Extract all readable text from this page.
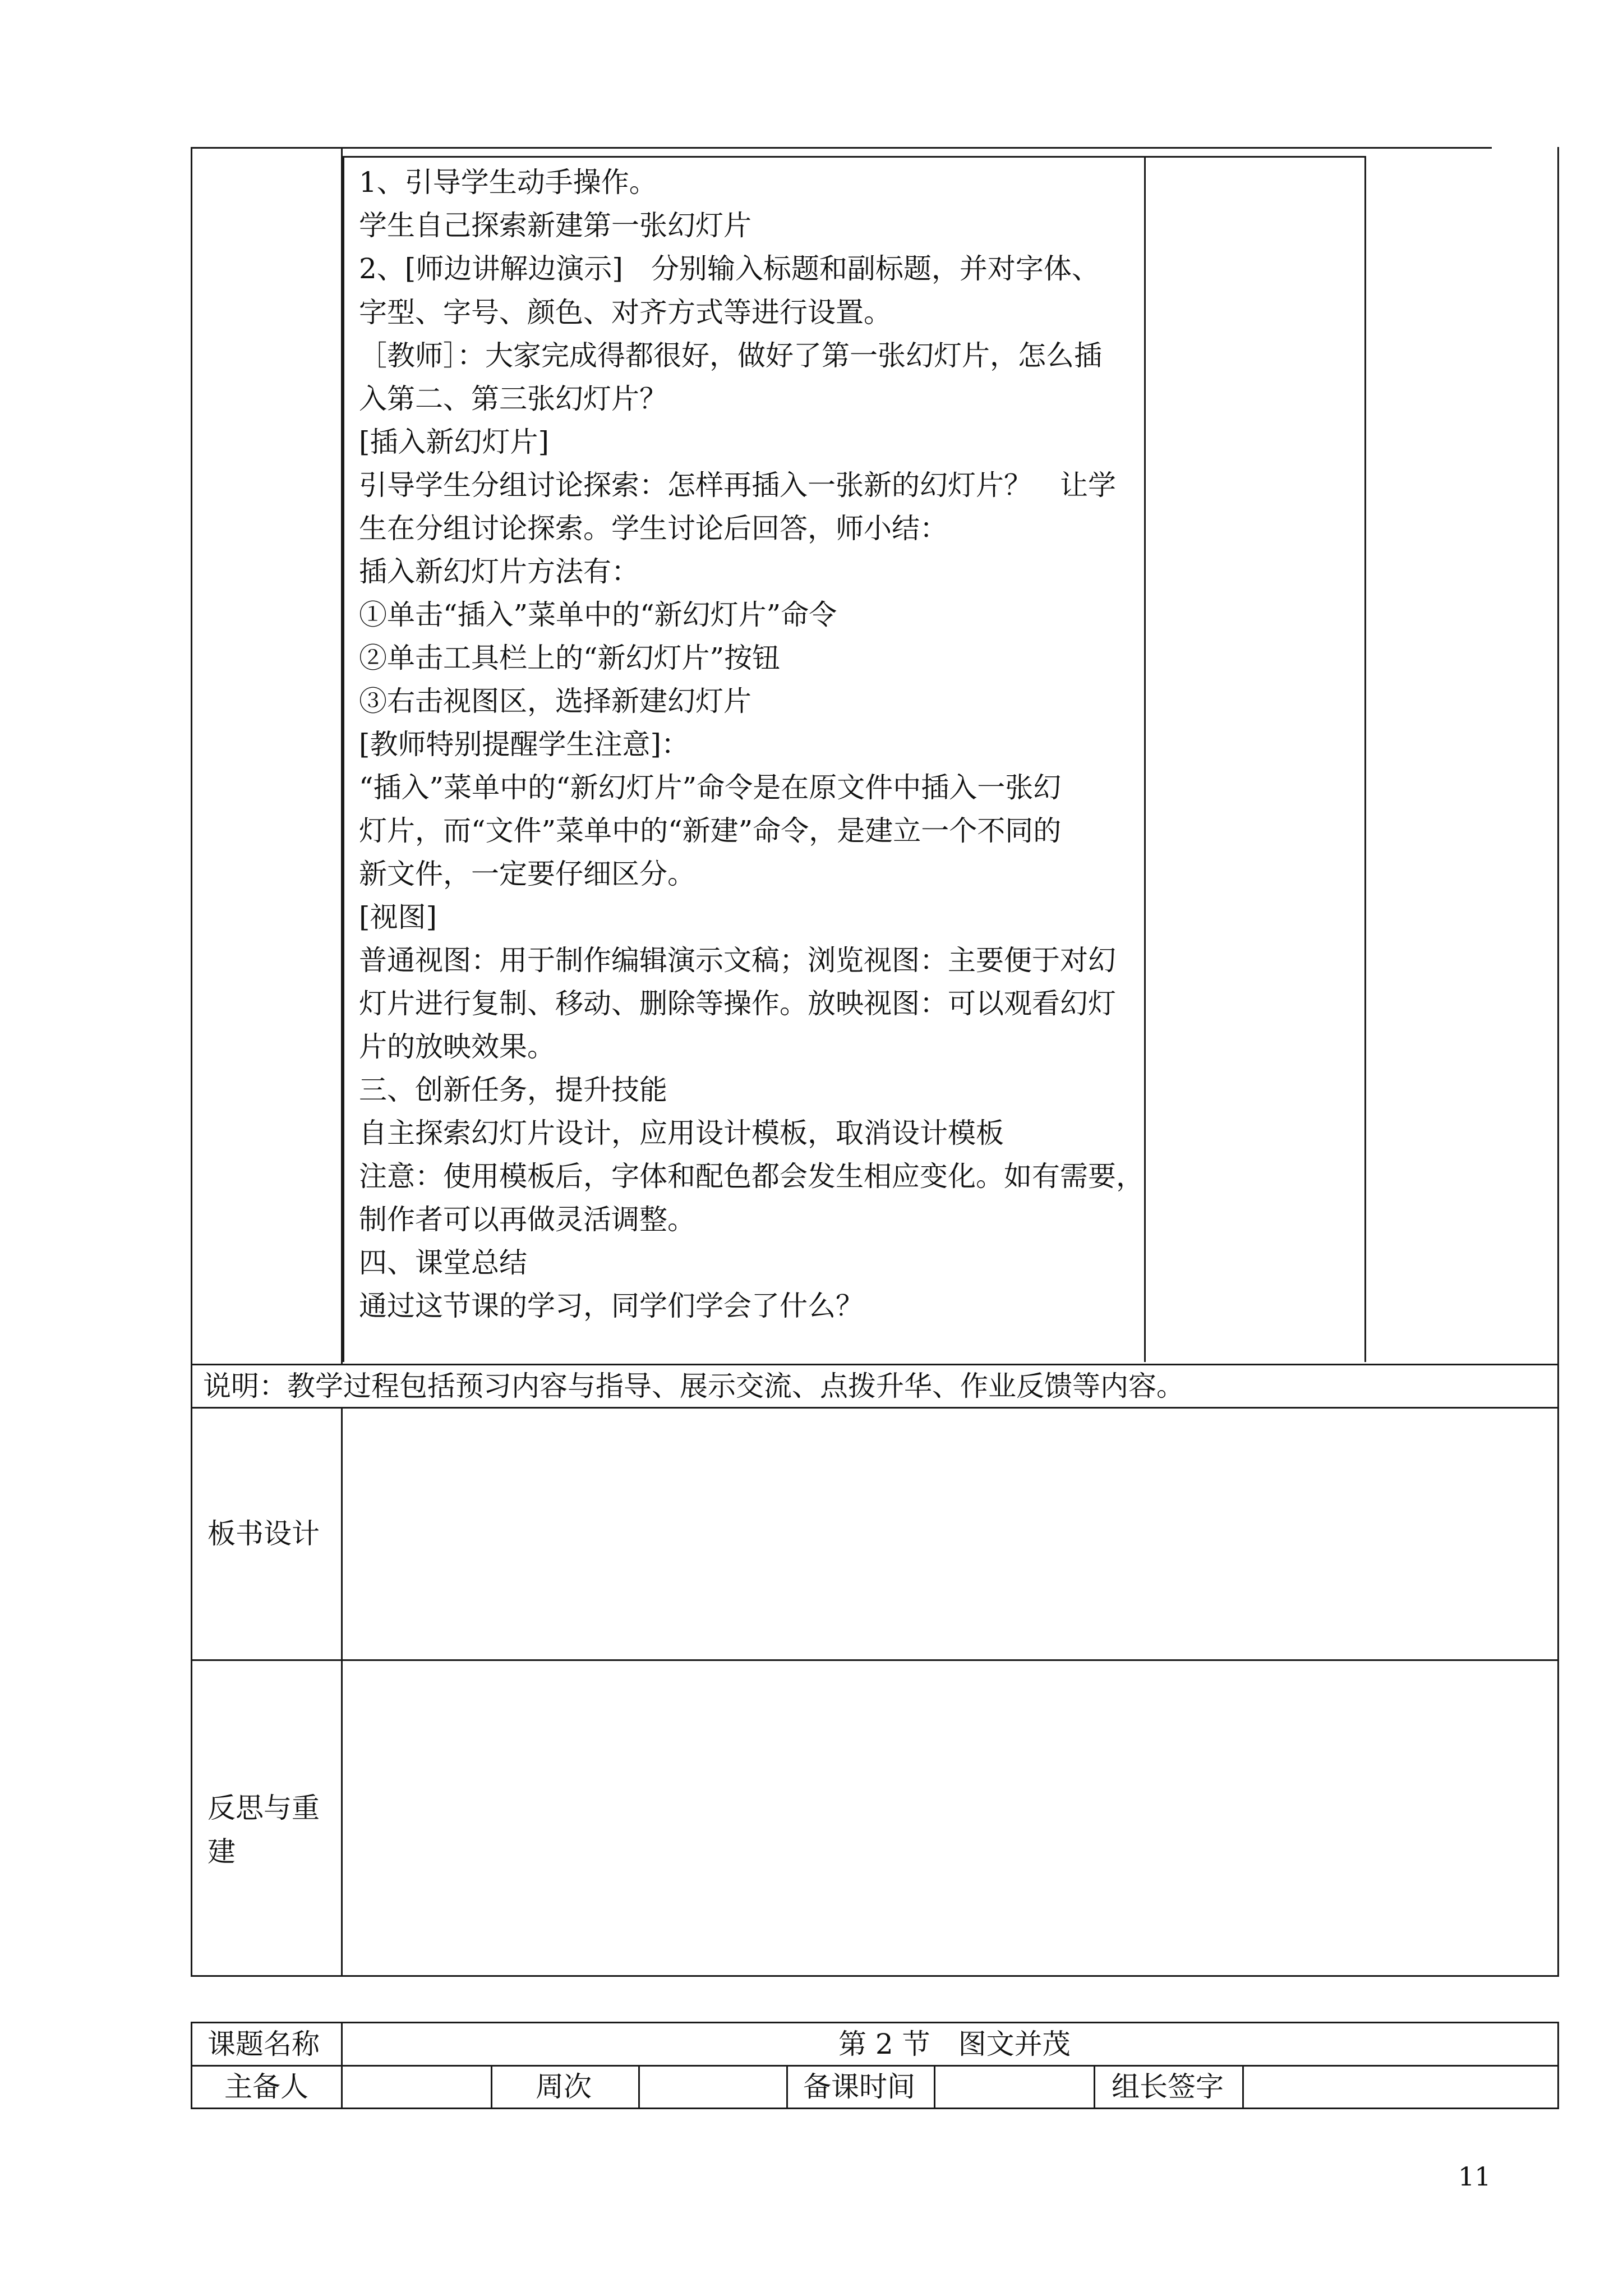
1、引导学生动手操作。
学生自己探索新建第一张幻灯片
2、[师边讲解边演示]　分别输入标题和副标题，并对字体、
字型、字号、颜色、对齐方式等进行设置。
［教师］：大家完成得都很好，做好了第一张幻灯片，怎么插
入第二、第三张幻灯片？
[插入新幻灯片]
引导学生分组讨论探索：怎样再插入一张新的幻灯片？　让学
生在分组讨论探索。学生讨论后回答，师小结：
插入新幻灯片方法有：
①单击“插入”菜单中的“新幻灯片”命令
②单击工具栏上的“新幻灯片”按钮
③右击视图区，选择新建幻灯片
[教师特别提醒学生注意]：
“插入”菜单中的“新幻灯片”命令是在原文件中插入一张幻
灯片，而“文件”菜单中的“新建”命令，是建立一个不同的
新文件，一定要仔细区分。
[视图]
普通视图：用于制作编辑演示文稿；浏览视图：主要便于对幻
灯片进行复制、移动、删除等操作。放映视图：可以观看幻灯
片的放映效果。
三、创新任务，提升技能
自主探索幻灯片设计，应用设计模板，取消设计模板
注意：使用模板后，字体和配色都会发生相应变化。如有需要，
制作者可以再做灵活调整。
四、课堂总结
通过这节课的学习，同学们学会了什么？
说明：教学过程包括预习内容与指导、展示交流、点拨升华、作业反馈等内容。
板书设计
反思与重
建
课题名称	第 2 节　图文并茂
主备人	周次	备课时间	组长签字
11
